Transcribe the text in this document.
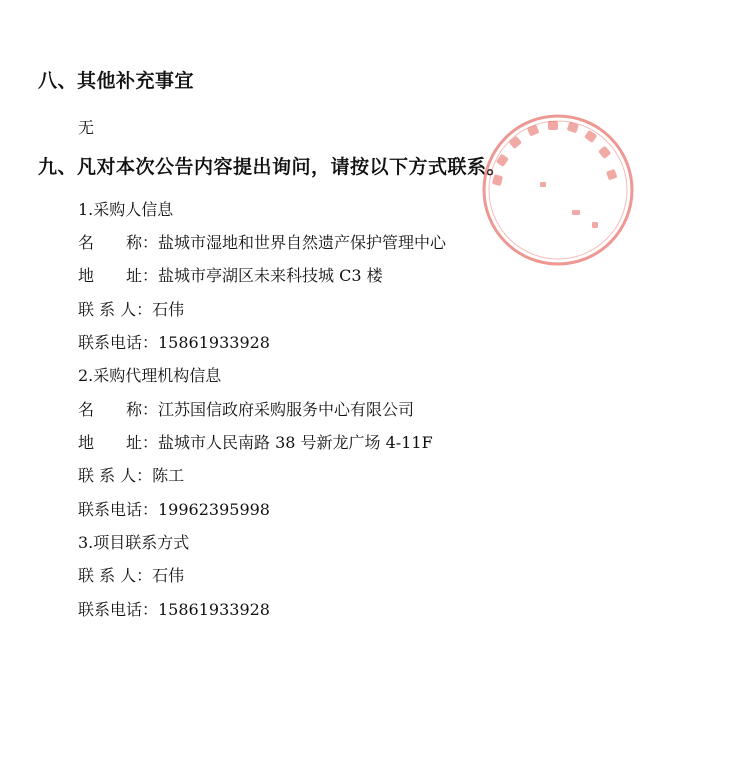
八、其他补充事宜
无
九、凡对本次公告内容提出询问，请按以下方式联系。
1.采购人信息
名　　称：盐城市湿地和世界自然遗产保护管理中心
地　　址：盐城市亭湖区未来科技城 C3 楼
联 系 人：石伟
联系电话：15861933928
2.采购代理机构信息
名　　称：江苏国信政府采购服务中心有限公司
地　　址：盐城市人民南路 38 号新龙广场 4-11F
联 系 人：陈工
联系电话：19962395998
3.项目联系方式
联 系 人：石伟
联系电话：15861933928
